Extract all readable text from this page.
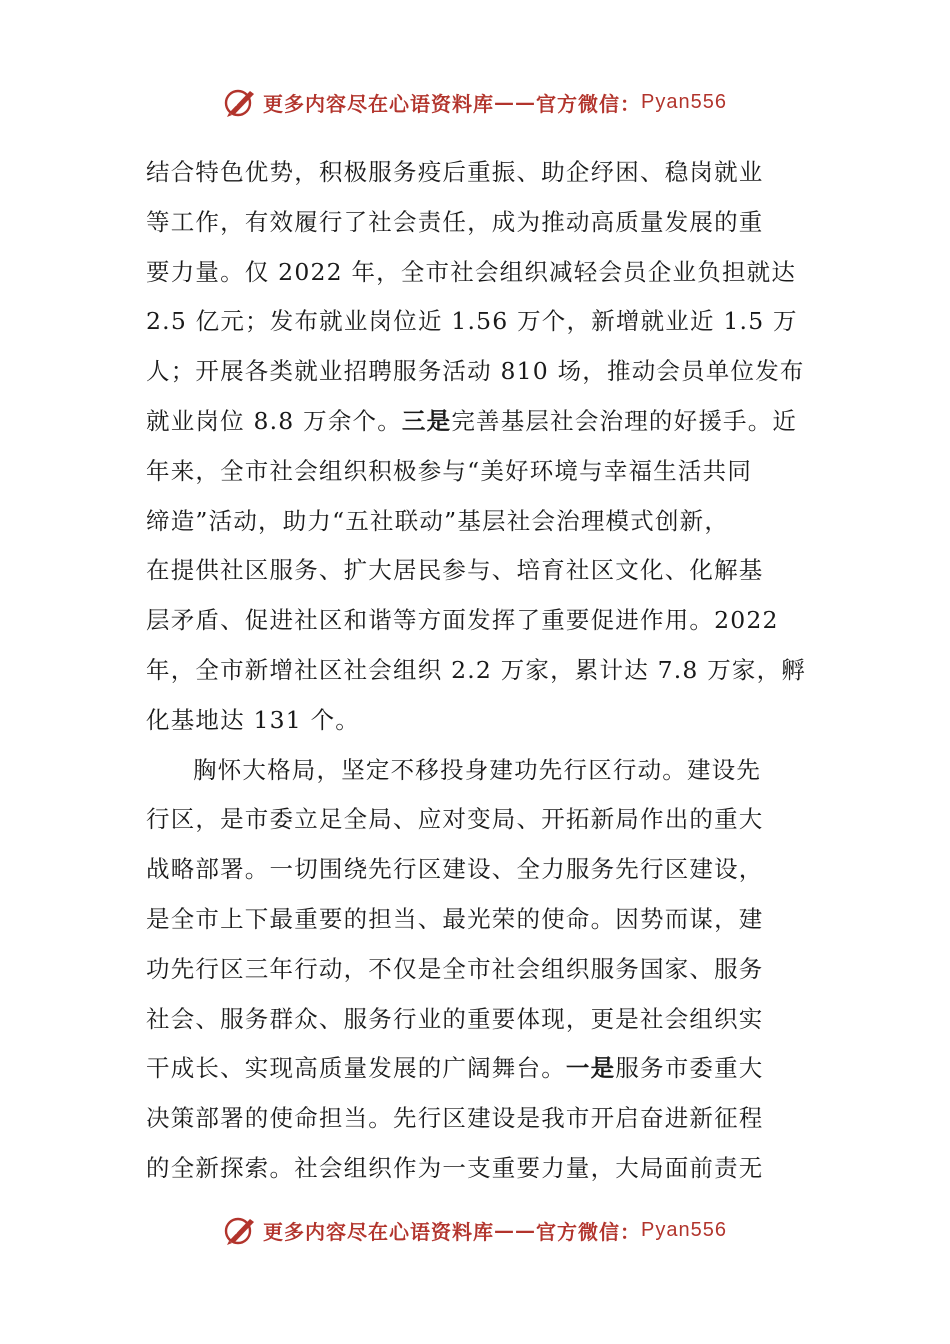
更多内容尽在心语资料库 —— 官方微信： Pyan556

结合特色优势，积极服务疫后重振、助企纾困、稳岗就业
等工作，有效履行了社会责任，成为推动高质量发展的重
要力量。仅 2022 年，全市社会组织减轻会员企业负担就达
2.5 亿元；发布就业岗位近 1.56 万个，新增就业近 1.5 万
人；开展各类就业招聘服务活动 810 场，推动会员单位发布
就业岗位 8.8 万余个。三是完善基层社会治理的好援手。近
年来，全市社会组织积极参与“美好环境与幸福生活共同
缔造”活动，助力“五社联动”基层社会治理模式创新，
在提供社区服务、扩大居民参与、培育社区文化、化解基
层矛盾、促进社区和谐等方面发挥了重要促进作用。2022
年，全市新增社区社会组织 2.2 万家，累计达 7.8 万家，孵
化基地达 131 个。

胸怀大格局，坚定不移投身建功先行区行动。建设先
行区，是市委立足全局、应对变局、开拓新局作出的重大
战略部署。一切围绕先行区建设、全力服务先行区建设，
是全市上下最重要的担当、最光荣的使命。因势而谋，建
功先行区三年行动，不仅是全市社会组织服务国家、服务
社会、服务群众、服务行业的重要体现，更是社会组织实
干成长、实现高质量发展的广阔舞台。一是服务市委重大
决策部署的使命担当。先行区建设是我市开启奋进新征程
的全新探索。社会组织作为一支重要力量，大局面前责无

更多内容尽在心语资料库 —— 官方微信： Pyan556
